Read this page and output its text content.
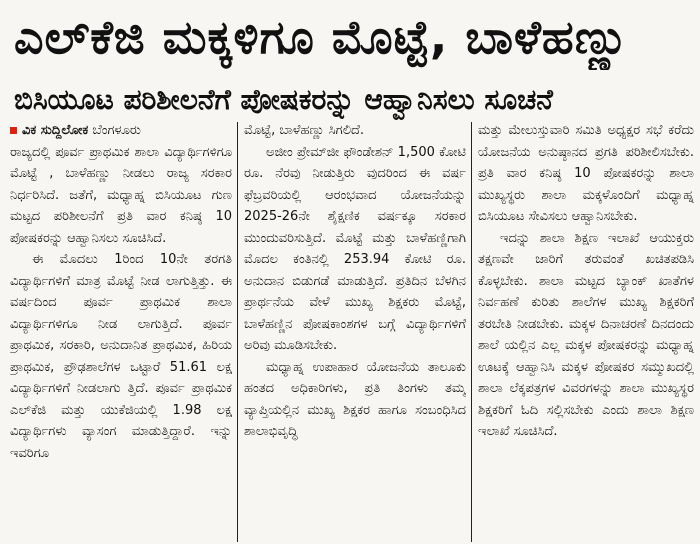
ಎಲ್‌ಕೆಜಿ ಮಕ್ಕಳಿಗೂ ಮೊಟ್ಟೆ, ಬಾಳೆಹಣ್ಣು
ಬಿಸಿಯೂಟ ಪರಿಶೀಲನೆಗೆ ಪೋಷಕರನ್ನು ಆಹ್ವಾನಿಸಲು ಸೂಚನೆ

ವಿಕ ಸುದ್ದಿಲೋಕ ಬೆಂಗಳೂರು

ರಾಜ್ಯದಲ್ಲಿ ಪೂರ್ವ ಪ್ರಾಥಮಿಕ ಶಾಲಾ ವಿದ್ಯಾರ್ಥಿಗಳಿಗೂ ಮೊಟ್ಟೆ , ಬಾಳೆಹಣ್ಣು ನೀಡಲು ರಾಜ್ಯ ಸರಕಾರ ನಿರ್ಧರಿಸಿದೆ. ಜತೆಗೆ, ಮಧ್ಯಾಹ್ನ ಬಿಸಿಯೂಟ ಗುಣ ಮಟ್ಟದ ಪರಿಶೀಲನೆಗೆ ಪ್ರತಿ ವಾರ ಕನಿಷ್ಠ 10 ಪೋಷಕರನ್ನು ಆಹ್ವಾನಿಸಲು ಸೂಚಿಸಿದೆ.

ಈ ಮೊದಲು 1ರಿಂದ 10ನೇ ತರಗತಿ ವಿದ್ಯಾರ್ಥಿಗಳಿಗೆ ಮಾತ್ರ ಮೊಟ್ಟೆ ನೀಡ ಲಾಗುತ್ತಿತ್ತು. ಈ ವರ್ಷದಿಂದ ಪೂರ್ವ ಪ್ರಾಥಮಿಕ ಶಾಲಾ ವಿದ್ಯಾರ್ಥಿಗಳಿಗೂ ನೀಡ ಲಾಗುತ್ತಿದೆ. ಪೂರ್ವ ಪ್ರಾಥಮಿಕ, ಸರಕಾರಿ, ಅನುದಾನಿತ ಪ್ರಾಥಮಿಕ, ಹಿರಿಯ ಪ್ರಾಥಮಿಕ, ಪ್ರೌಢಶಾಲೆಗಳ ಒಟ್ಟಾರೆ 51.61 ಲಕ್ಷ ವಿದ್ಯಾರ್ಥಿಗಳಿಗೆ ನೀಡಲಾಗು ತ್ತಿದೆ. ಪೂರ್ವ ಪ್ರಾಥಮಿಕ ಎಲ್‌ಕೆಜಿ ಮತ್ತು ಯುಕೆಜಿಯಲ್ಲಿ 1.98 ಲಕ್ಷ ವಿದ್ಯಾರ್ಥಿಗಳು ವ್ಯಾಸಂಗ ಮಾಡುತ್ತಿದ್ದಾರೆ. ಇನ್ನು ಇವರಿಗೂ

ಮೊಟ್ಟೆ, ಬಾಳೆಹಣ್ಣು ಸಿಗಲಿದೆ.

ಅಜೀಂ ಪ್ರೇಮ್‌ಜೀ ಫೌಂಡೇಶನ್ 1,500 ಕೋಟಿ ರೂ. ನೆರವು ನೀಡುತ್ತಿರು ವುದರಿಂದ ಈ ವರ್ಷ ಫೆಬ್ರವರಿಯಲ್ಲಿ ಆರಂಭವಾದ ಯೋಜನೆಯನ್ನು 2025-26ನೇ ಶೈಕ್ಷಣಿಕ ವರ್ಷಕ್ಕೂ ಸರಕಾರ ಮುಂದುವರಿಸುತ್ತಿದೆ. ಮೊಟ್ಟೆ ಮತ್ತು ಬಾಳೆಹಣ್ಣಿಗಾಗಿ ಮೊದಲ ಕಂತಿನಲ್ಲಿ 253.94 ಕೋಟಿ ರೂ. ಅನುದಾನ ಬಿಡುಗಡೆ ಮಾಡುತ್ತಿದೆ. ಪ್ರತಿದಿನ ಬೆಳಗಿನ ಪ್ರಾರ್ಥನೆಯ ವೇಳೆ ಮುಖ್ಯ ಶಿಕ್ಷಕರು ಮೊಟ್ಟೆ, ಬಾಳೆಹಣ್ಣಿನ ಪೋಷಕಾಂಶಗಳ ಬಗ್ಗೆ ವಿದ್ಯಾರ್ಥಿಗಳಿಗೆ ಅರಿವು ಮೂಡಿಸಬೇಕು.

ಮಧ್ಯಾಹ್ನ ಉಪಾಹಾರ ಯೋಜನೆಯ ತಾಲೂಕು ಹಂತದ ಅಧಿಕಾರಿಗಳು, ಪ್ರತಿ ತಿಂಗಳು ತಮ್ಮ ವ್ಯಾಪ್ತಿಯಲ್ಲಿನ ಮುಖ್ಯ ಶಿಕ್ಷಕರ ಹಾಗೂ ಸಂಬಂಧಿಸಿದ ಶಾಲಾಭಿವೃದ್ಧಿ

ಮತ್ತು ಮೇಲುಸ್ತುವಾರಿ ಸಮಿತಿ ಅಧ್ಯಕ್ಷರ ಸಭೆ ಕರೆದು ಯೋಜನೆಯ ಅನುಷ್ಠಾನದ ಪ್ರಗತಿ ಪರಿಶೀಲಿಸಬೇಕು. ಪ್ರತಿ ವಾರ ಕನಿಷ್ಠ 10 ಪೋಷಕರನ್ನು ಶಾಲಾ ಮುಖ್ಯಸ್ಥರು ಶಾಲಾ ಮಕ್ಕಳೊಂದಿಗೆ ಮಧ್ಯಾಹ್ನ ಬಿಸಿಯೂಟ ಸೇವಿಸಲು ಆಹ್ವಾನಿಸಬೇಕು.

ಇದನ್ನು ಶಾಲಾ ಶಿಕ್ಷಣ ಇಲಾಖೆ ಆಯುಕ್ತರು ತಕ್ಷಣವೇ ಜಾರಿಗೆ ತರುವಂತೆ ಖಚಿತಪಡಿಸಿ ಕೊಳ್ಳಬೇಕು. ಶಾಲಾ ಮಟ್ಟದ ಬ್ಯಾಂಕ್ ಖಾತೆಗಳ ನಿರ್ವಹಣೆ ಕುರಿತು ಶಾಲೆಗಳ ಮುಖ್ಯ ಶಿಕ್ಷಕರಿಗೆ ತರಬೇತಿ ನೀಡಬೇಕು. ಮಕ್ಕಳ ದಿನಾಚರಣೆ ದಿನದಂದು ಶಾಲೆ ಯಲ್ಲಿನ ಎಲ್ಲ ಮಕ್ಕಳ ಪೋಷಕರನ್ನು ಮಧ್ಯಾಹ್ನ ಊಟಕ್ಕೆ ಆಹ್ವಾನಿಸಿ ಮಕ್ಕಳ ಪೋಷಕರ ಸಮ್ಮುಖದಲ್ಲಿ ಶಾಲಾ ಲೆಕ್ಕಪತ್ರಗಳ ವಿವರಗಳನ್ನು ಶಾಲಾ ಮುಖ್ಯಸ್ಥರ ಶಿಕ್ಷಕರಿಗೆ ಓದಿ ಸಲ್ಲಿಸಬೇಕು ಎಂದು ಶಾಲಾ ಶಿಕ್ಷಣ ಇಲಾಖೆ ಸೂಚಿಸಿದೆ.
